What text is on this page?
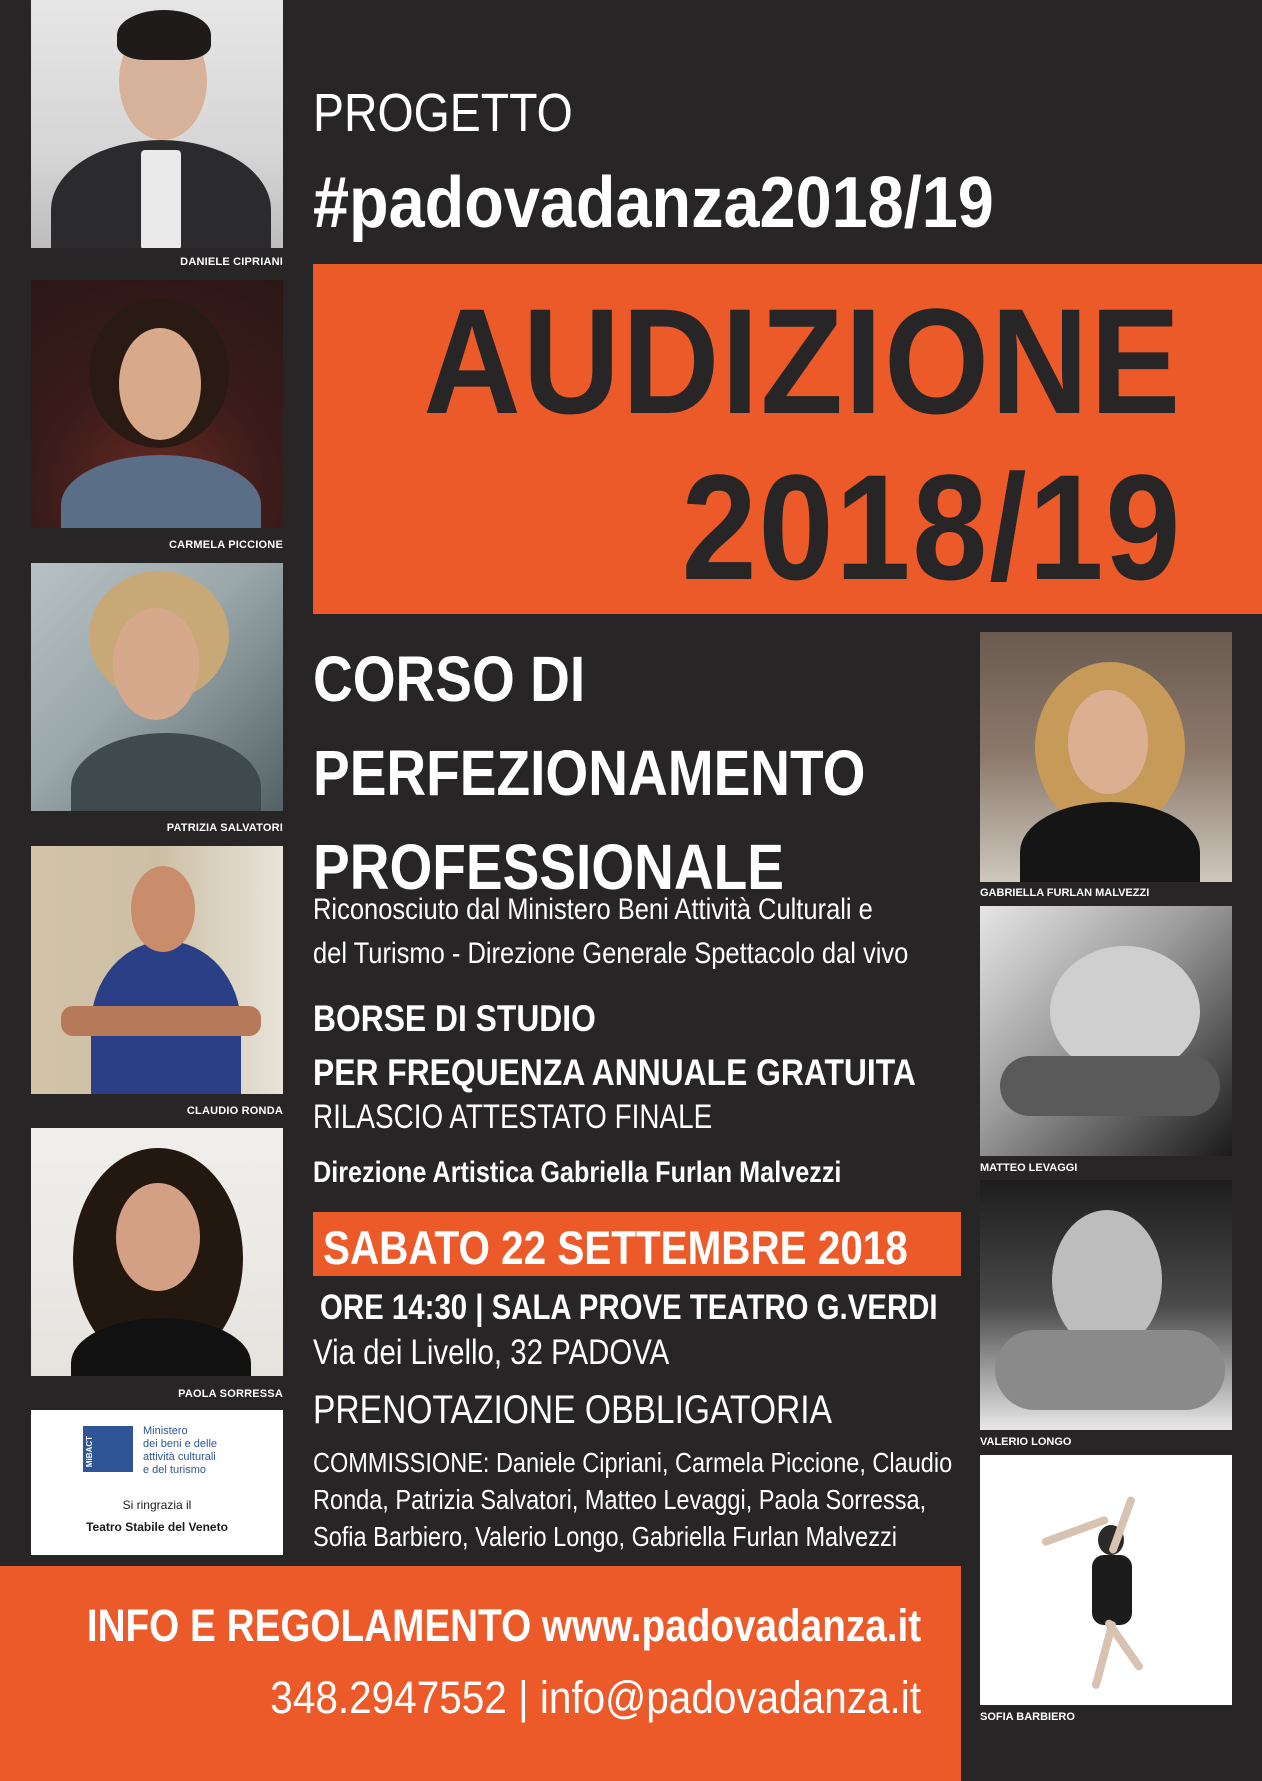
DANIELE CIPRIANI
CARMELA PICCIONE
PATRIZIA SALVATORI
CLAUDIO RONDA
PAOLA SORRESSA
MiBACT
Ministero
dei beni e delle
attività culturali
e del turismo
Si ringrazia il
Teatro Stabile del Veneto
PROGETTO
#padovadanza2018/19
AUDIZIONE
2018/19
CORSO DI
PERFEZIONAMENTO
PROFESSIONALE
Riconosciuto dal Ministero Beni Attività Culturali e
del Turismo - Direzione Generale Spettacolo dal vivo
BORSE DI STUDIO
PER FREQUENZA ANNUALE GRATUITA
RILASCIO ATTESTATO FINALE
Direzione Artistica Gabriella Furlan Malvezzi
SABATO 22 SETTEMBRE 2018
ORE 14:30 | SALA PROVE TEATRO G.VERDI
Via dei Livello, 32 PADOVA
PRENOTAZIONE OBBLIGATORIA
COMMISSIONE: Daniele Cipriani, Carmela Piccione, Claudio
Ronda, Patrizia Salvatori, Matteo Levaggi, Paola Sorressa,
Sofia Barbiero, Valerio Longo, Gabriella Furlan Malvezzi
GABRIELLA FURLAN MALVEZZI
MATTEO LEVAGGI
VALERIO LONGO
SOFIA BARBIERO
INFO E REGOLAMENTO www.padovadanza.it
348.2947552 | info@padovadanza.it
